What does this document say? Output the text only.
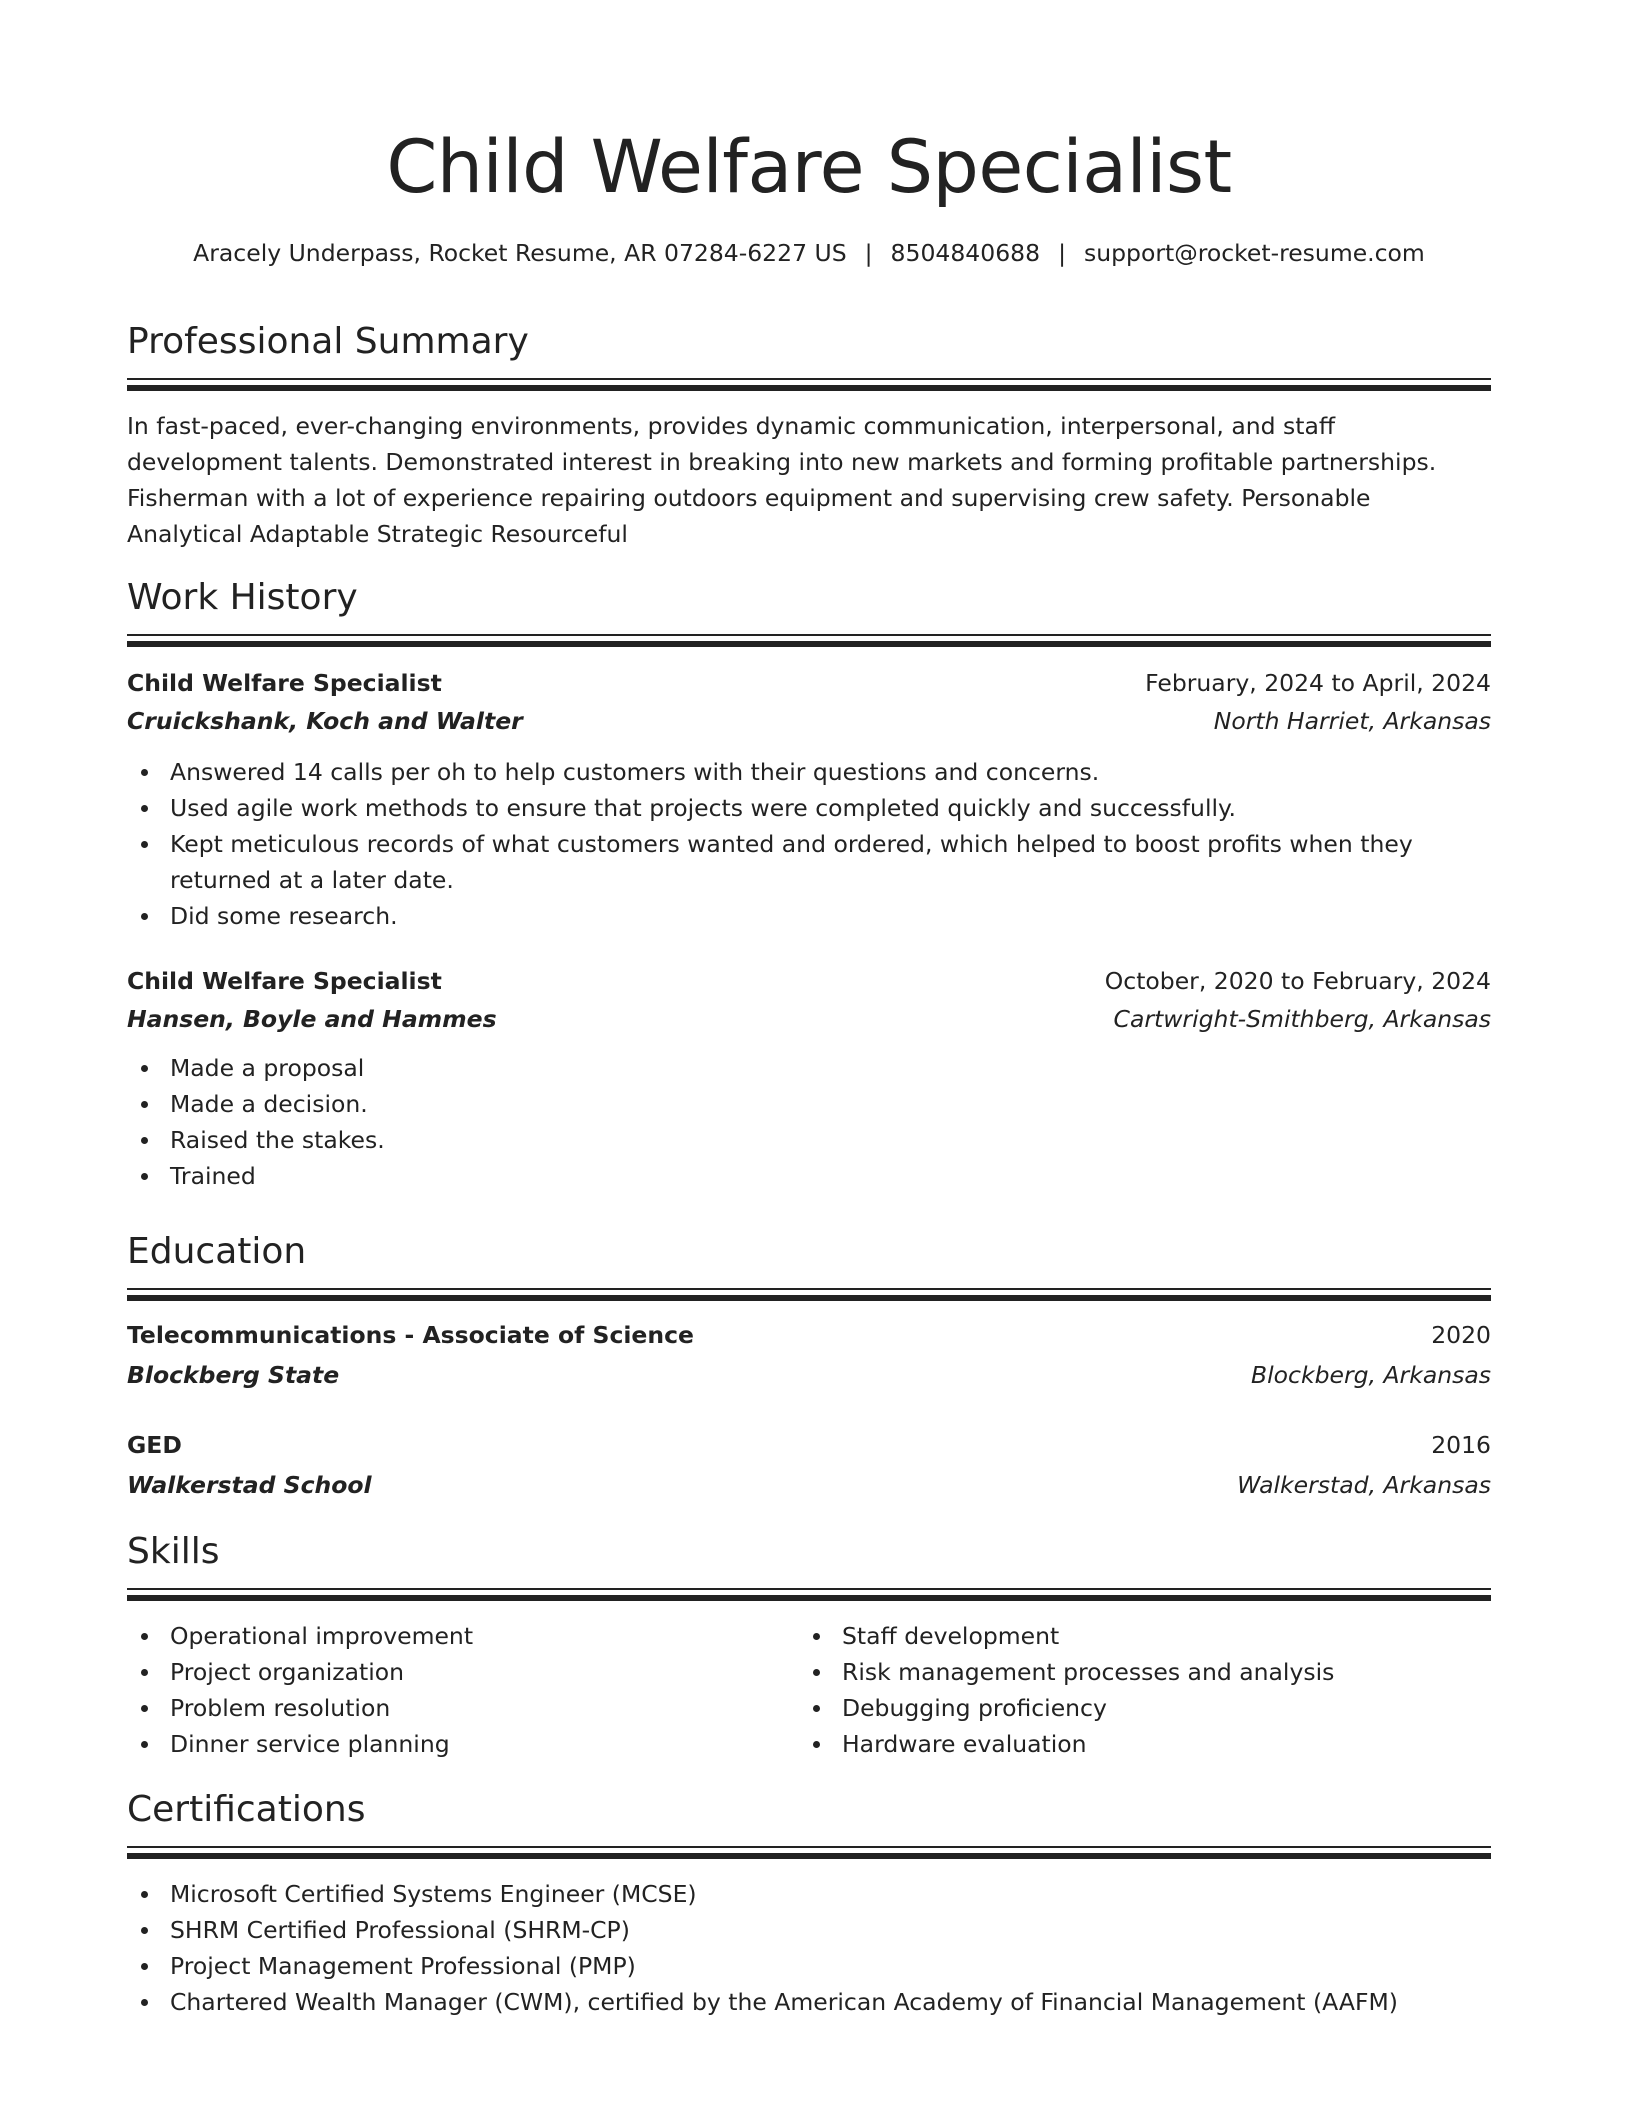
Child Welfare Specialist
Aracely Underpass, Rocket Resume, AR 07284-6227 US | 8504840688 | support@rocket-resume.com
Professional Summary
In fast-paced, ever-changing environments, provides dynamic communication, interpersonal, and staff development talents. Demonstrated interest in breaking into new markets and forming profitable partnerships. Fisherman with a lot of experience repairing outdoors equipment and supervising crew safety. Personable Analytical Adaptable Strategic Resourceful
Work History
Child Welfare Specialist	February, 2024 to April, 2024
Cruickshank, Koch and Walter	North Harriet, Arkansas
Answered 14 calls per oh to help customers with their questions and concerns.
Used agile work methods to ensure that projects were completed quickly and successfully.
Kept meticulous records of what customers wanted and ordered, which helped to boost profits when they returned at a later date.
Did some research.
Child Welfare Specialist	October, 2020 to February, 2024
Hansen, Boyle and Hammes	Cartwright-Smithberg, Arkansas
Made a proposal
Made a decision.
Raised the stakes.
Trained
Education
Telecommunications - Associate of Science	2020
Blockberg State	Blockberg, Arkansas
GED	2016
Walkerstad School	Walkerstad, Arkansas
Skills
Operational improvement
Project organization
Problem resolution
Dinner service planning
Staff development
Risk management processes and analysis
Debugging proficiency
Hardware evaluation
Certifications
Microsoft Certified Systems Engineer (MCSE)
SHRM Certified Professional (SHRM-CP)
Project Management Professional (PMP)
Chartered Wealth Manager (CWM), certified by the American Academy of Financial Management (AAFM)
